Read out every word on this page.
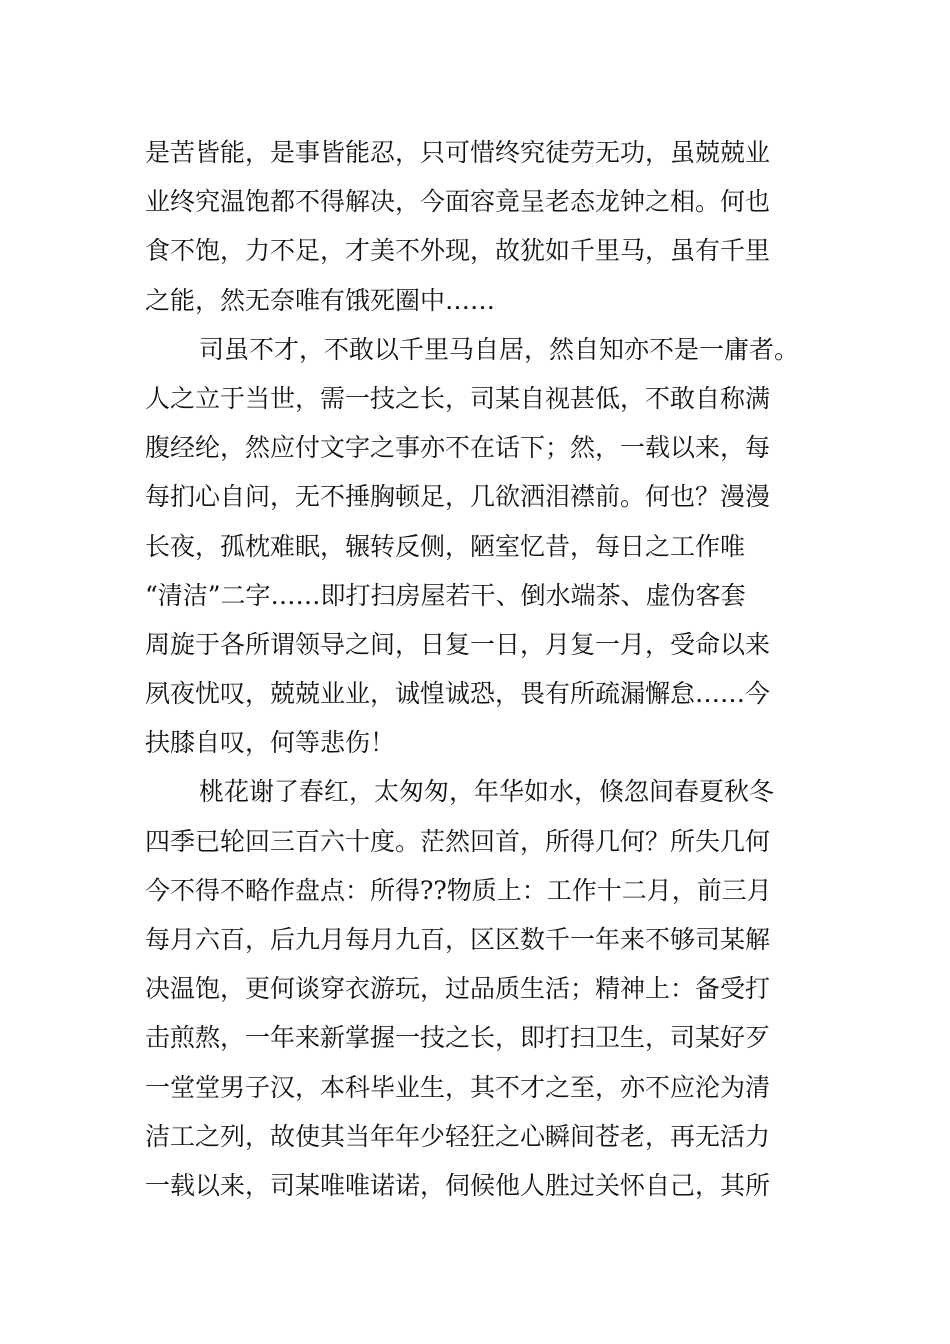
是苦皆能，是事皆能忍，只可惜终究徒劳无功，虽兢兢业
业终究温饱都不得解决，今面容竟呈老态龙钟之相。何也
食不饱，力不足，才美不外现，故犹如千里马，虽有千里
之能，然无奈唯有饿死圈中……
司虽不才，不敢以千里马自居，然自知亦不是一庸者。
人之立于当世，需一技之长，司某自视甚低，不敢自称满
腹经纶，然应付文字之事亦不在话下；然，一载以来，每
每扪心自问，无不捶胸顿足，几欲洒泪襟前。何也？漫漫
长夜，孤枕难眠，辗转反侧，陋室忆昔，每日之工作唯
“清洁”二字……即打扫房屋若干、倒水端茶、虚伪客套
周旋于各所谓领导之间，日复一日，月复一月，受命以来
夙夜忧叹，兢兢业业，诚惶诚恐，畏有所疏漏懈怠……今
扶膝自叹，何等悲伤！
桃花谢了春红，太匆匆，年华如水，倏忽间春夏秋冬
四季已轮回三百六十度。茫然回首，所得几何？所失几何
今不得不略作盘点：所得??物质上：工作十二月，前三月
每月六百，后九月每月九百，区区数千一年来不够司某解
决温饱，更何谈穿衣游玩，过品质生活；精神上：备受打
击煎熬，一年来新掌握一技之长，即打扫卫生，司某好歹
一堂堂男子汉，本科毕业生，其不才之至，亦不应沦为清
洁工之列，故使其当年年少轻狂之心瞬间苍老，再无活力
一载以来，司某唯唯诺诺，伺候他人胜过关怀自己，其所
